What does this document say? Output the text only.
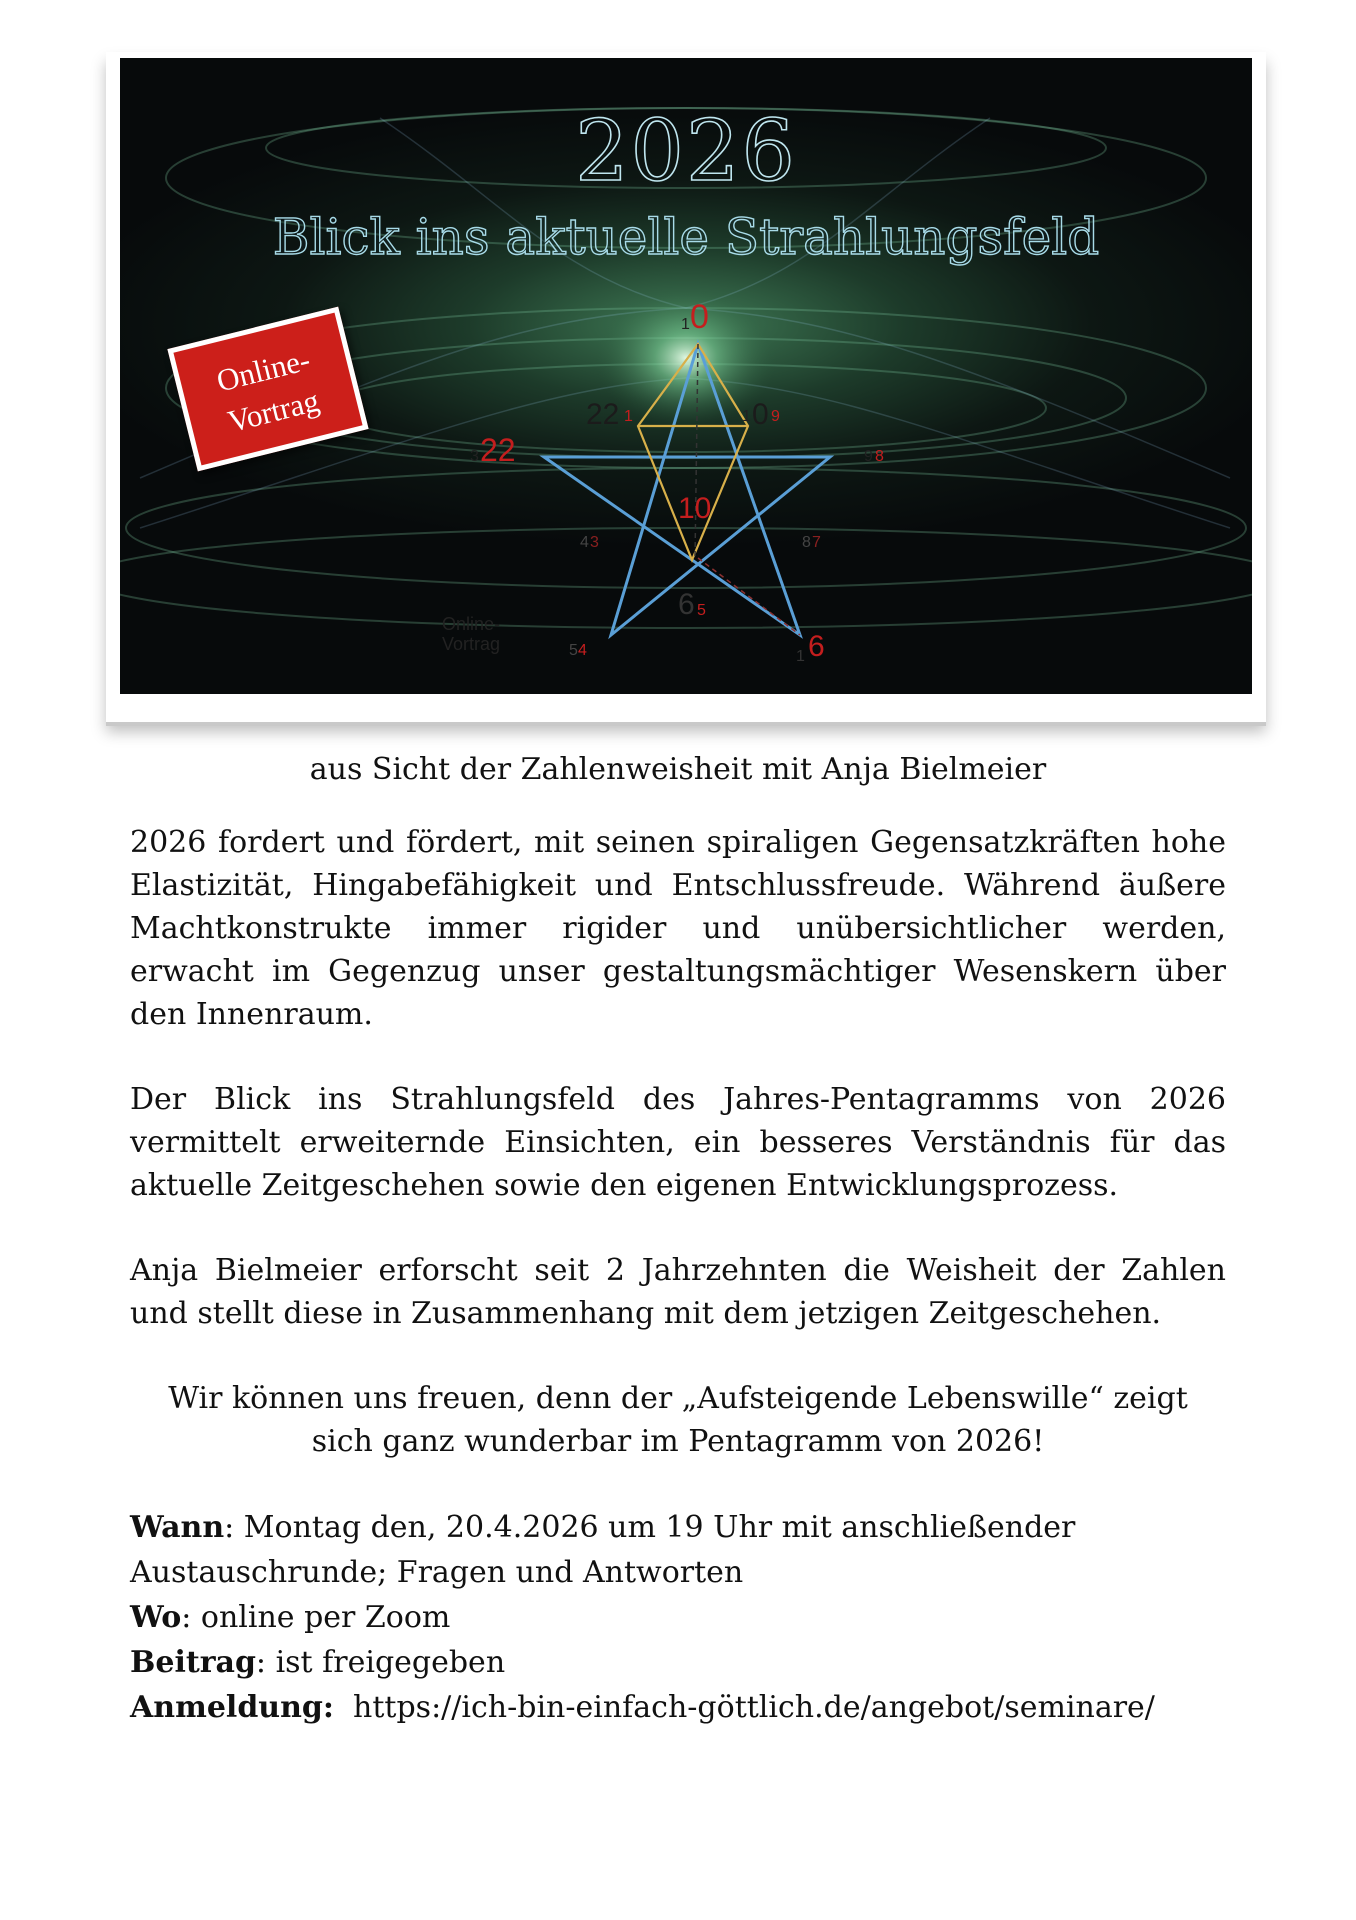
2026
Blick ins aktuelle Strahlungsfeld
Online-
Vortrag
Online-
Vortrag
1 0
22 1	1 0 9
3 22	9 8
10
4 3	8 7
6 5
5 4	1 6
aus Sicht der Zahlenweisheit mit Anja Bielmeier

2026 fordert und fördert, mit seinen spiraligen Gegensatzkräften hohe Elastizität, Hingabefähigkeit und Entschlussfreude. Während äußere Machtkonstrukte immer rigider und unübersichtlicher werden, erwacht im Gegenzug unser gestaltungsmächtiger Wesenskern über den Innenraum.

Der Blick ins Strahlungsfeld des Jahres-Pentagramms von 2026 vermittelt erweiternde Einsichten, ein besseres Verständnis für das aktuelle Zeitgeschehen sowie den eigenen Entwicklungsprozess.

Anja Bielmeier erforscht seit 2 Jahrzehnten die Weisheit der Zahlen und stellt diese in Zusammenhang mit dem jetzigen Zeitgeschehen.

Wir können uns freuen, denn der „Aufsteigende Lebenswille“ zeigt
sich ganz wunderbar im Pentagramm von 2026!

Wann: Montag den, 20.4.2026 um 19 Uhr mit anschließender
Austauschrunde; Fragen und Antworten
Wo: online per Zoom
Beitrag: ist freigegeben
Anmeldung: https://ich-bin-einfach-göttlich.de/angebot/seminare/
